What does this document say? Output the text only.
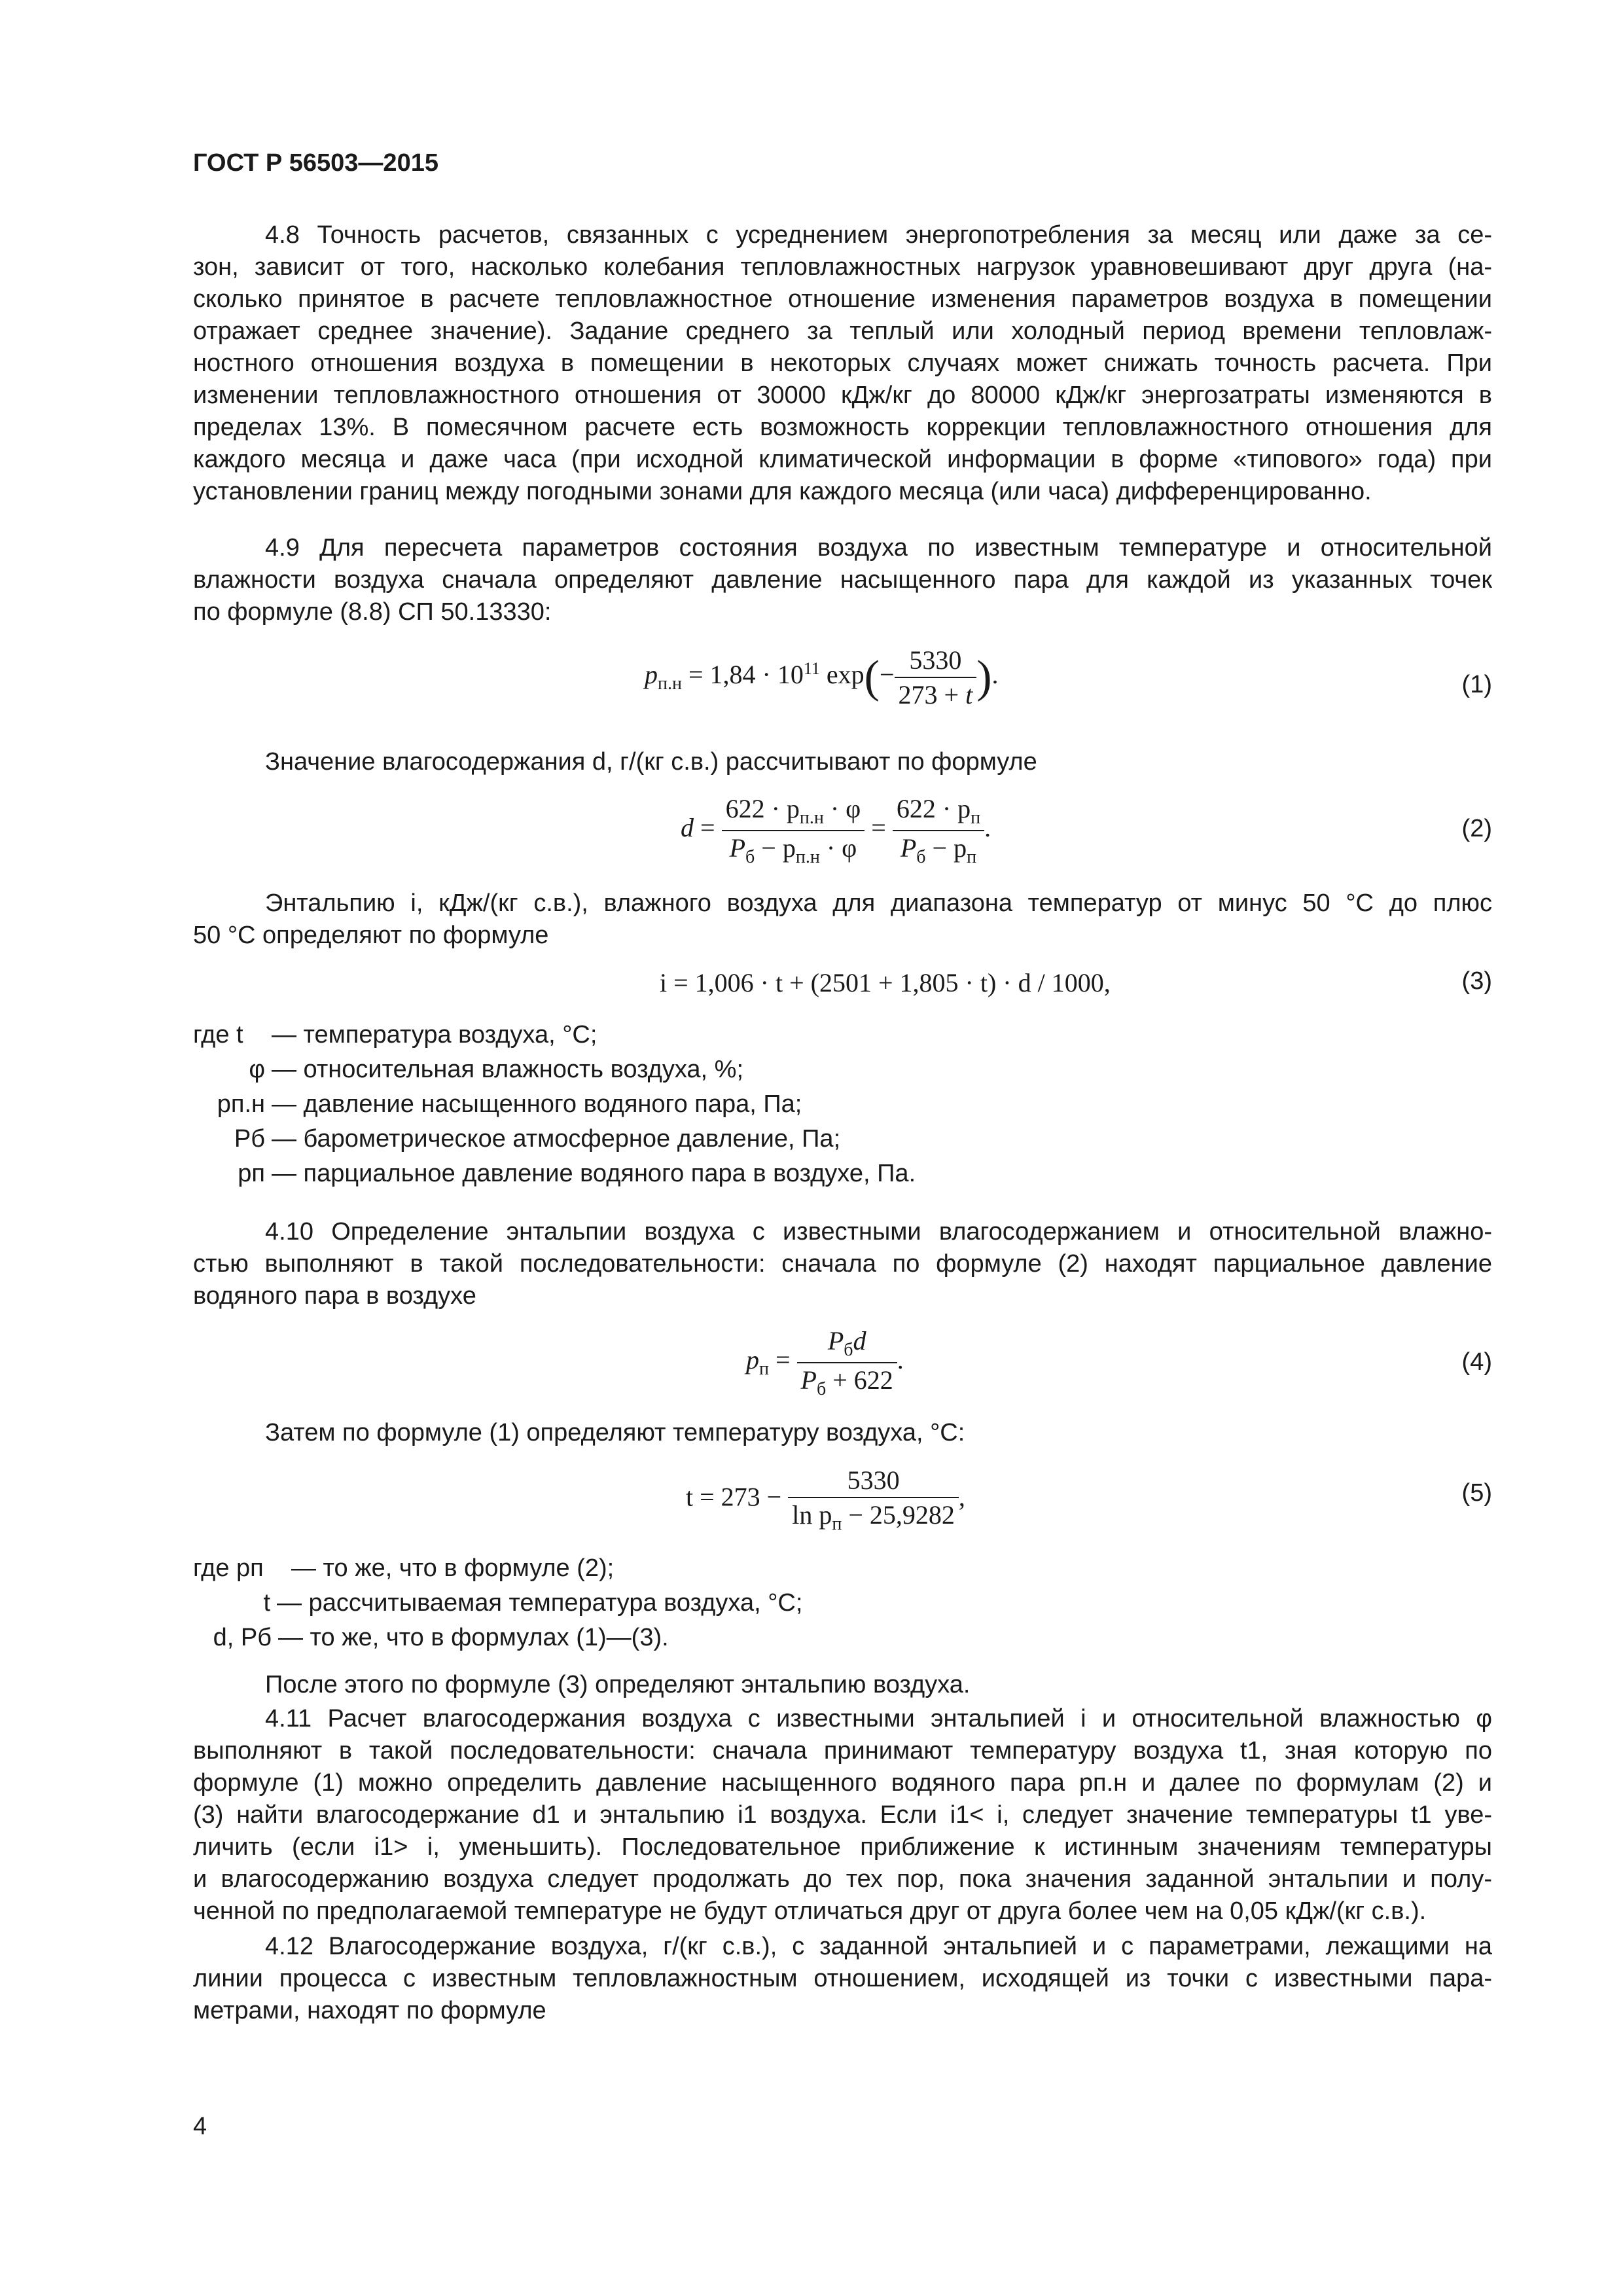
ГОСТ Р 56503—2015
4.8 Точность расчетов, связанных с усреднением энергопотребления за месяц или даже за се-
зон, зависит от того, насколько колебания тепловлажностных нагрузок уравновешивают друг друга (на-
сколько принятое в расчете тепловлажностное отношение изменения параметров воздуха в помещении
отражает среднее значение). Задание среднего за теплый или холодный период времени тепловлаж-
ностного отношения воздуха в помещении в некоторых случаях может снижать точность расчета. При
изменении тепловлажностного отношения от 30000 кДж/кг до 80000 кДж/кг энергозатраты изменяются в
пределах 13%. В помесячном расчете есть возможность коррекции тепловлажностного отношения для
каждого месяца и даже часа (при исходной климатической информации в форме «типового» года) при
установлении границ между погодными зонами для каждого месяца (или часа) дифференцированно.
4.9 Для пересчета параметров состояния воздуха по известным температуре и относительной
влажности воздуха сначала определяют давление насыщенного пара для каждой из указанных точек
по формуле (8.8) СП 50.13330:
$p_{п.н} = 1,84 \cdot 10^{11}$ $\exp(- \frac{5330}{273 + t}$ ).	(1)
Значение влагосодержания d, г/(кг с.в.) рассчитывают по формуле
$d = \frac{622 \cdot p_{п.н} \cdot \varphi}{P_б - p_{п.н} \cdot \varphi} = \frac{622 \cdot p_п}{P_б - p_п}$ .	(2)
Энтальпию i, кДж/(кг с.в.), влажного воздуха для диапазона температур от минус 50 °С до плюс
50 °С определяют по формуле
i = 1,006 · t + (2501 + 1,805 · t) · d / 1000,	(3)
где t	— температура воздуха, °С;
φ — относительная влажность воздуха, %;
pп.н — давление насыщенного водяного пара, Па;
Pб — барометрическое атмосферное давление, Па;
pп — парциальное давление водяного пара в воздухе, Па.
4.10 Определение энтальпии воздуха с известными влагосодержанием и относительной влажно-
стью выполняют в такой последовательности: сначала по формуле (2) находят парциальное давление
водяного пара в воздухе
$p_п = \frac{P_бd}{P_б + 622}$ .	(4)
Затем по формуле (1) определяют температуру воздуха, °С:
$t = 273 - \frac{5330}{\ln p_п - 25,9282}$ ,	(5)
где pп	— то же, что в формуле (2);
t — рассчитываемая температура воздуха, °С;
d, Pб — то же, что в формулах (1)—(3).
После этого по формуле (3) определяют энтальпию воздуха.
4.11 Расчет влагосодержания воздуха с известными энтальпией i и относительной влажностью φ
выполняют в такой последовательности: сначала принимают температуру воздуха t1, зная которую по
формуле (1) можно определить давление насыщенного водяного пара pп.н и далее по формулам (2) и
(3) найти влагосодержание d1 и энтальпию i1 воздуха. Если i1< i, следует значение температуры t1 уве-
личить (если i1> i, уменьшить). Последовательное приближение к истинным значениям температуры
и влагосодержанию воздуха следует продолжать до тех пор, пока значения заданной энтальпии и полу-
ченной по предполагаемой температуре не будут отличаться друг от друга более чем на 0,05 кДж/(кг с.в.).
4.12 Влагосодержание воздуха, г/(кг с.в.), с заданной энтальпией и с параметрами, лежащими на
линии процесса с известным тепловлажностным отношением, исходящей из точки с известными пара-
метрами, находят по формуле
4
